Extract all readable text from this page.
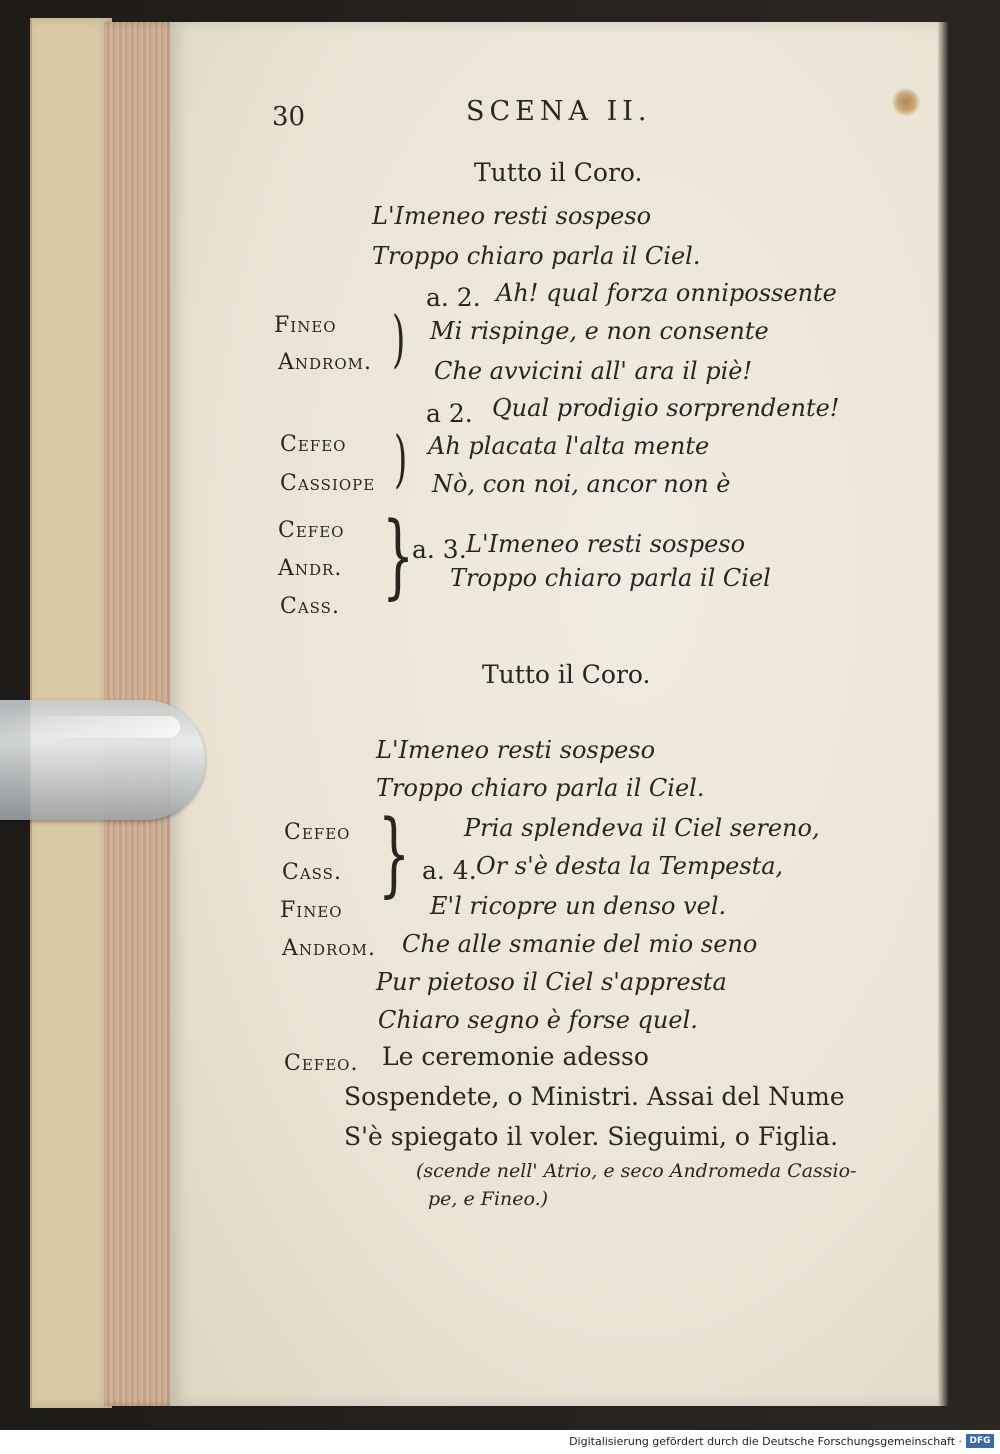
30	SCENA II.
Tutto il Coro.
L'Imeneo resti sospeso
Troppo chiaro parla il Ciel.
a. 2. Ah! qual forza onnipossente
Fineo
Androm. ) Mi rispinge, e non consente
Che avvicini all' ara il piè!
a 2. Qual prodigio sorprendente!
Cefeo
Cassiope ) Ah placata l'alta mente
Nò, con noi, ancor non è
Cefeo
Andr.
Cass. }
a. 3. L'Imeneo resti sospeso
Troppo chiaro parla il Ciel
Tutto il Coro.
L'Imeneo resti sospeso
Troppo chiaro parla il Ciel.
Cefeo
Cass.
Fineo
} Pria splendeva il Ciel sereno,
a. 4. Or s'è desta la Tempesta,
E'l ricopre un denso vel.
Androm. Che alle smanie del mio seno
Pur pietoso il Ciel s'appresta
Chiaro segno è forse quel.
Cefeo. Le ceremonie adesso
Sospendete, o Ministri. Assai del Nume
S'è spiegato il voler. Sieguimi, o Figlia.
(scende nell' Atrio, e seco Andromeda Cassio-
pe, e Fineo.)
Digitalisierung gefördert durch die Deutsche Forschungsgemeinschaft · DFG
